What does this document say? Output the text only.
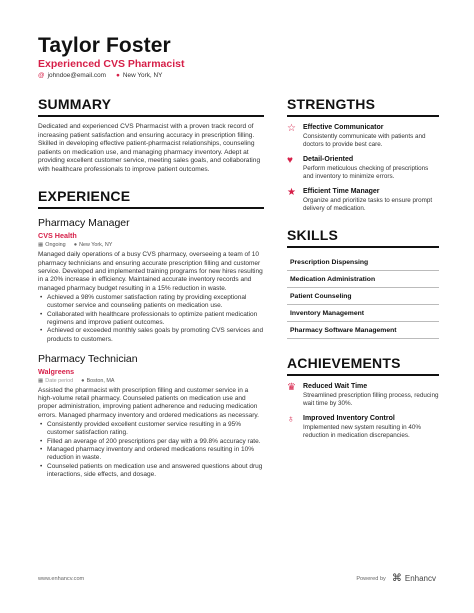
Taylor Foster
Experienced CVS Pharmacist
@ johndoe@email.com ● New York, NY
SUMMARY
Dedicated and experienced CVS Pharmacist with a proven track record of increasing patient satisfaction and ensuring accuracy in prescription filling. Skilled in developing effective patient-pharmacist relationships, counseling patients on medication use, and managing pharmacy inventory. Adept at providing excellent customer service, meeting sales goals, and collaborating with healthcare professionals to improve patient outcomes.
EXPERIENCE
Pharmacy Manager
CVS Health
▦ Ongoing ● New York, NY
Managed daily operations of a busy CVS pharmacy, overseeing a team of 10 pharmacy technicians and ensuring accurate prescription filling and customer service. Developed and implemented training programs for new hires resulting in a 20% increase in efficiency. Maintained accurate inventory records and managed pharmacy budget resulting in a 15% reduction in waste.
• Achieved a 98% customer satisfaction rating by providing exceptional customer service and counseling patients on medication use.
• Collaborated with healthcare professionals to optimize patient medication regimens and improve patient outcomes.
• Achieved or exceeded monthly sales goals by promoting CVS services and products to customers.
Pharmacy Technician
Walgreens
▦ Date period ● Boston, MA
Assisted the pharmacist with prescription filling and customer service in a high-volume retail pharmacy. Counseled patients on medication use and proper administration, improving patient adherence and reducing medication errors. Managed pharmacy inventory and ordered medications as necessary.
• Consistently provided excellent customer service resulting in a 95% customer satisfaction rating.
• Filled an average of 200 prescriptions per day with a 99.8% accuracy rate.
• Managed pharmacy inventory and ordered medications resulting in 10% reduction in waste.
• Counseled patients on medication use and answered questions about drug interactions, side effects, and dosage.
STRENGTHS
☆	Effective Communicator
Consistently communicate with patients and doctors to provide best care.
♥	Detail-Oriented
Perform meticulous checking of prescriptions and inventory to minimize errors.
★	Efficient Time Manager
Organize and prioritize tasks to ensure prompt delivery of medication.
SKILLS
Prescription Dispensing
Medication Administration
Patient Counseling
Inventory Management
Pharmacy Software Management
ACHIEVEMENTS
♛	Reduced Wait Time
Streamlined prescription filling process, reducing wait time by 30%.
♁	Improved Inventory Control
Implemented new system resulting in 40% reduction in medication discrepancies.
www.enhancv.com	Powered by ⌘ Enhancv
